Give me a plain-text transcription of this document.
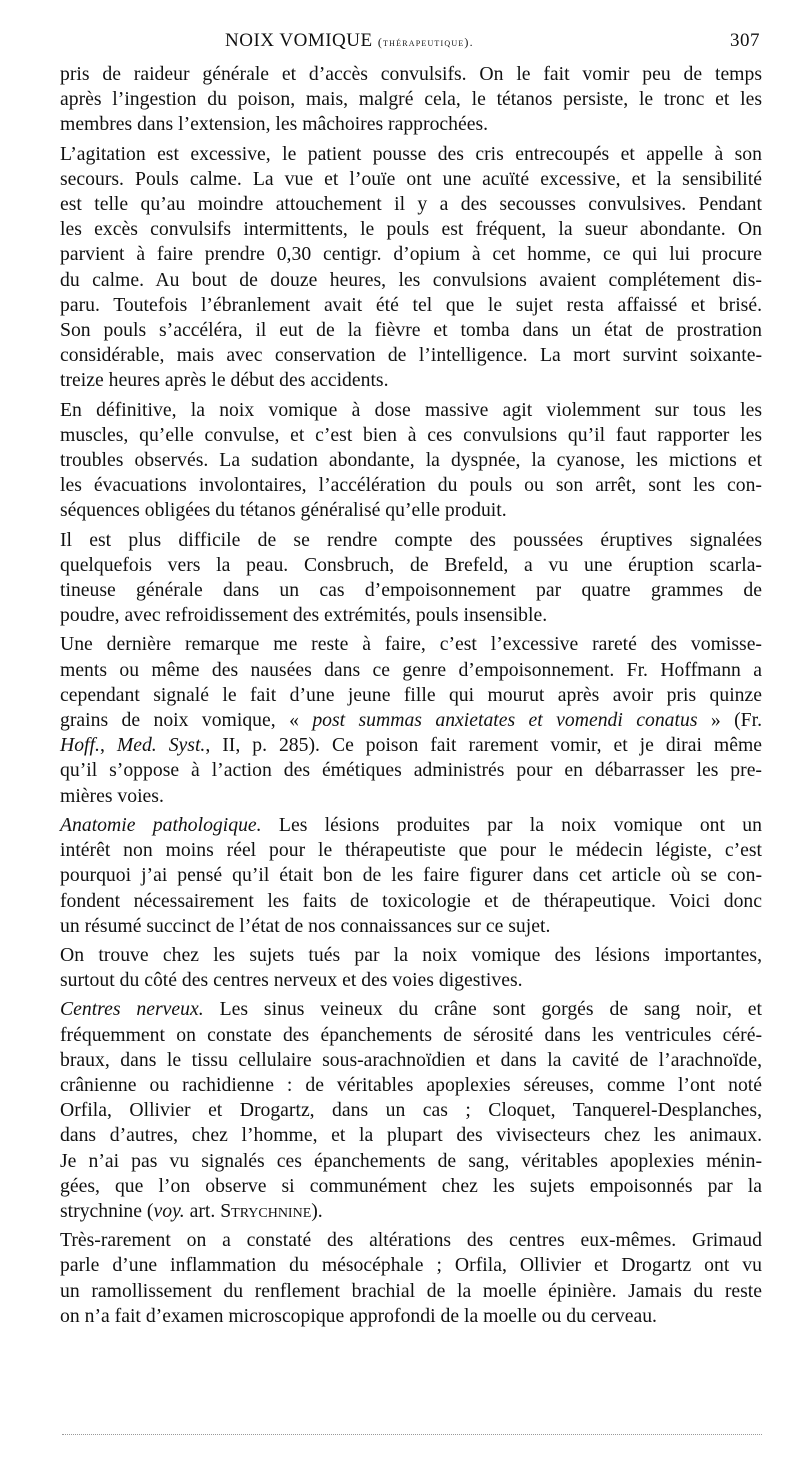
NOIX VOMIQUE (thérapeutique).	307
pris de raideur générale et d’accès convulsifs. On le fait vomir peu de temps
après l’ingestion du poison, mais, malgré cela, le tétanos persiste, le tronc et les
membres dans l’extension, les mâchoires rapprochées.
L’agitation est excessive, le patient pousse des cris entrecoupés et appelle à son
secours. Pouls calme. La vue et l’ouïe ont une acuïté excessive, et la sensibilité
est telle qu’au moindre attouchement il y a des secousses convulsives. Pendant
les excès convulsifs intermittents, le pouls est fréquent, la sueur abondante. On
parvient à faire prendre 0,30 centigr. d’opium à cet homme, ce qui lui procure
du calme. Au bout de douze heures, les convulsions avaient complétement dis-
paru. Toutefois l’ébranlement avait été tel que le sujet resta affaissé et brisé.
Son pouls s’accéléra, il eut de la fièvre et tomba dans un état de prostration
considérable, mais avec conservation de l’intelligence. La mort survint soixante-
treize heures après le début des accidents.
En définitive, la noix vomique à dose massive agit violemment sur tous les
muscles, qu’elle convulse, et c’est bien à ces convulsions qu’il faut rapporter les
troubles observés. La sudation abondante, la dyspnée, la cyanose, les mictions et
les évacuations involontaires, l’accélération du pouls ou son arrêt, sont les con-
séquences obligées du tétanos généralisé qu’elle produit.
Il est plus difficile de se rendre compte des poussées éruptives signalées
quelquefois vers la peau. Consbruch, de Brefeld, a vu une éruption scarla-
tineuse générale dans un cas d’empoisonnement par quatre grammes de
poudre, avec refroidissement des extrémités, pouls insensible.
Une dernière remarque me reste à faire, c’est l’excessive rareté des vomisse-
ments ou même des nausées dans ce genre d’empoisonnement. Fr. Hoffmann a
cependant signalé le fait d’une jeune fille qui mourut après avoir pris quinze
grains de noix vomique, « post summas anxietates et vomendi conatus » (Fr.
Hoff., Med. Syst., II, p. 285). Ce poison fait rarement vomir, et je dirai même
qu’il s’oppose à l’action des émétiques administrés pour en débarrasser les pre-
mières voies.
Anatomie pathologique. Les lésions produites par la noix vomique ont un
intérêt non moins réel pour le thérapeutiste que pour le médecin légiste, c’est
pourquoi j’ai pensé qu’il était bon de les faire figurer dans cet article où se con-
fondent nécessairement les faits de toxicologie et de thérapeutique. Voici donc
un résumé succinct de l’état de nos connaissances sur ce sujet.
On trouve chez les sujets tués par la noix vomique des lésions importantes,
surtout du côté des centres nerveux et des voies digestives.
Centres nerveux. Les sinus veineux du crâne sont gorgés de sang noir, et
fréquemment on constate des épanchements de sérosité dans les ventricules céré-
braux, dans le tissu cellulaire sous-arachnoïdien et dans la cavité de l’arachnoïde,
crânienne ou rachidienne : de véritables apoplexies séreuses, comme l’ont noté
Orfila, Ollivier et Drogartz, dans un cas ; Cloquet, Tanquerel-Desplanches,
dans d’autres, chez l’homme, et la plupart des vivisecteurs chez les animaux.
Je n’ai pas vu signalés ces épanchements de sang, véritables apoplexies ménin-
gées, que l’on observe si communément chez les sujets empoisonnés par la
strychnine (voy. art. Strychnine).
Très-rarement on a constaté des altérations des centres eux-mêmes. Grimaud
parle d’une inflammation du mésocéphale ; Orfila, Ollivier et Drogartz ont vu
un ramollissement du renflement brachial de la moelle épinière. Jamais du reste
on n’a fait d’examen microscopique approfondi de la moelle ou du cerveau.
